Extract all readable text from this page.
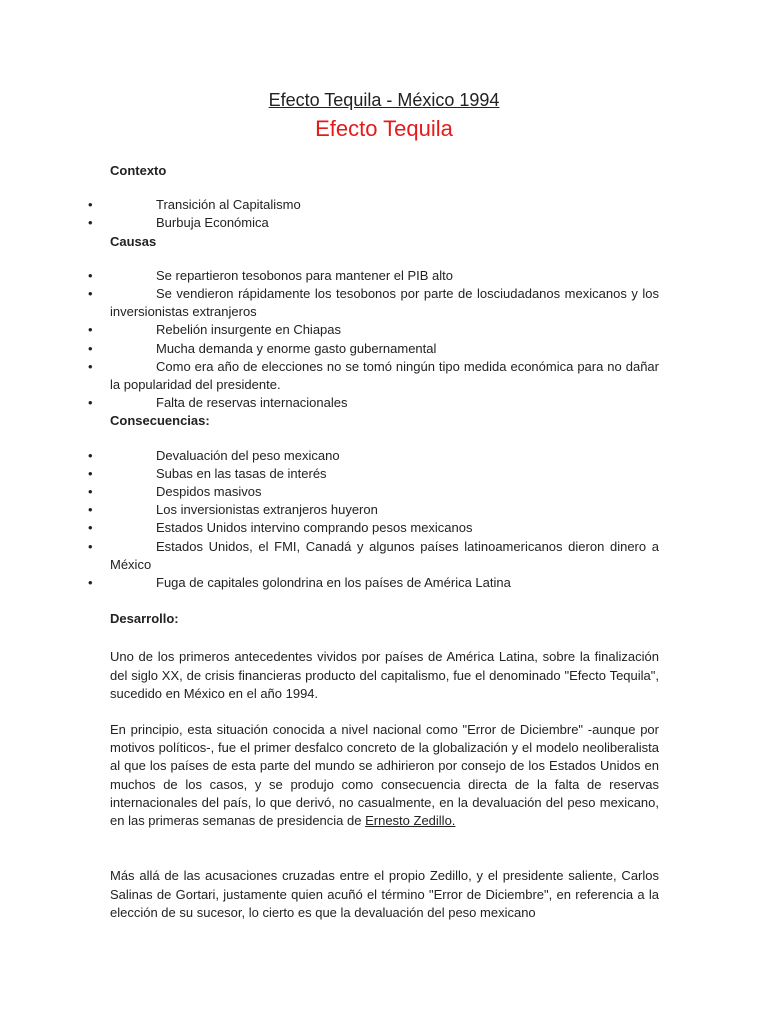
Efecto Tequila - México 1994
Efecto Tequila

Contexto

•	Transición al Capitalismo
•	Burbuja Económica

Causas

•	Se repartieron tesobonos para mantener el PIB alto
•	Se vendieron rápidamente los tesobonos por parte de losciudadanos mexicanos y los inversionistas extranjeros
•	Rebelión insurgente en Chiapas
•	Mucha demanda y enorme gasto gubernamental
•	Como era año de elecciones no se tomó ningún tipo medida económica para no dañar la popularidad del presidente.
•	Falta de reservas internacionales

Consecuencias:

•	Devaluación del peso mexicano
•	Subas en las tasas de interés
•	Despidos masivos
•	Los inversionistas extranjeros huyeron
•	Estados Unidos intervino comprando pesos mexicanos
•	Estados Unidos, el FMI, Canadá y algunos países latinoamericanos dieron dinero a México
•	Fuga de capitales golondrina en los países de América Latina

Desarrollo:

Uno de los primeros antecedentes vividos por países de América Latina, sobre la finalización del siglo XX, de crisis financieras producto del capitalismo, fue el denominado "Efecto Tequila", sucedido en México en el año 1994.

En principio, esta situación conocida a nivel nacional como "Error de Diciembre" -aunque por motivos políticos-, fue el primer desfalco concreto de la globalización y el modelo neoliberalista al que los países de esta parte del mundo se adhirieron por consejo de los Estados Unidos en muchos de los casos, y se produjo como consecuencia directa de la falta de reservas internacionales del país, lo que derivó, no casualmente, en la devaluación del peso mexicano, en las primeras semanas de presidencia de Ernesto Zedillo.

Más allá de las acusaciones cruzadas entre el propio Zedillo, y el presidente saliente, Carlos Salinas de Gortari, justamente quien acuñó el término "Error de Diciembre", en referencia a la elección de su sucesor, lo cierto es que la devaluación del peso mexicano
